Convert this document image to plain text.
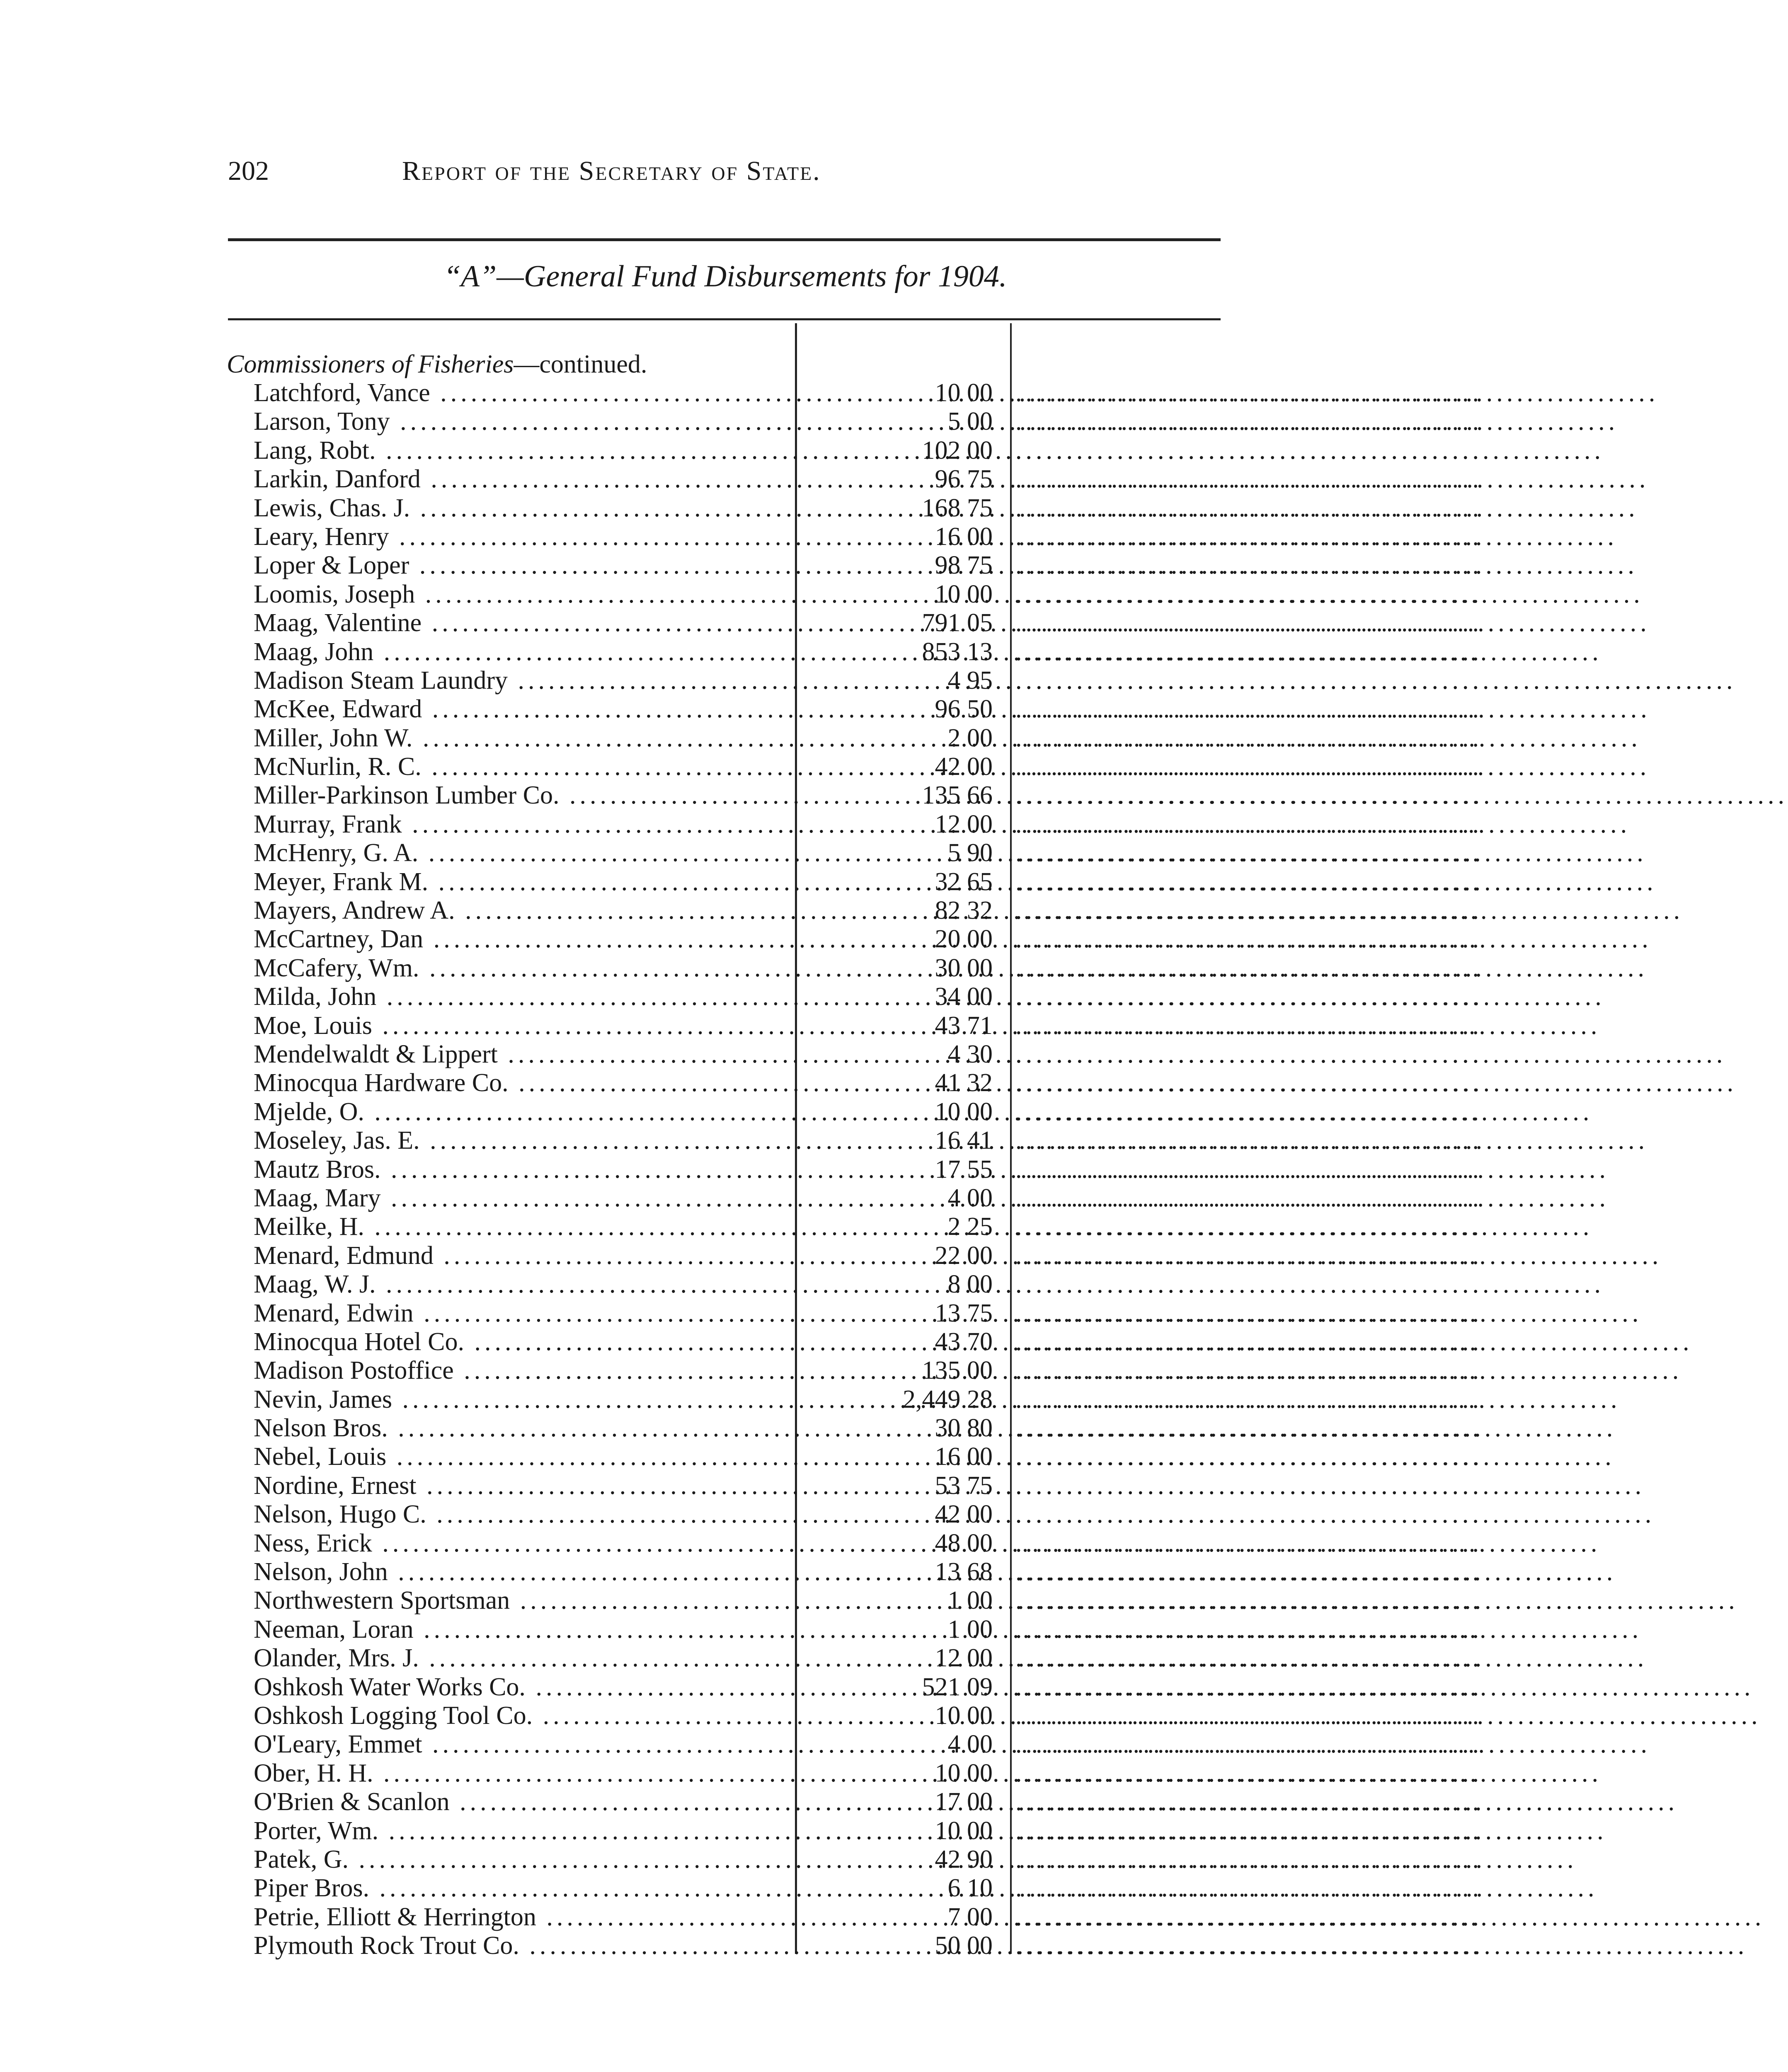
202	Report of the Secretary of State.
“A”—General Fund Disbursements for 1904.
Commissioners of Fisheries—continued.
Latchford, Vance .....	10 00 ..............................................
Larson, Tony .....	5 00 ..............................................
Lang, Robt. .....	102 00 ..............................................
Larkin, Danford .....	96 75 ..............................................
Lewis, Chas. J. .....	168 75 ..............................................
Leary, Henry .....	16 00 ..............................................
Loper & Loper .....	98 75 ..............................................
Loomis, Joseph .....	10 00 ..............................................
Maag, Valentine .....	791 05 ..............................................
Maag, John .....	853 13 ..............................................
Madison Steam Laundry .....	4 95 ..............................................
McKee, Edward .....	96 50 ..............................................
Miller, John W. .....	2 00 ..............................................
McNurlin, R. C. .....	42 00 ..............................................
Miller-Parkinson Lumber Co. .....	135 66 ..............................................
Murray, Frank .....	12 00 ..............................................
McHenry, G. A. .....	5 90 ..............................................
Meyer, Frank M. .....	32 65 ..............................................
Mayers, Andrew A. .....	82 32 ..............................................
McCartney, Dan .....	20 00 ..............................................
McCafery, Wm. .....	30 00 ..............................................
Milda, John .....	34 00 ..............................................
Moe, Louis .....	43 71 ..............................................
Mendelwaldt & Lippert .....	4 30 ..............................................
Minocqua Hardware Co. .....	41 32 ..............................................
Mjelde, O. .....	10 00 ..............................................
Moseley, Jas. E. .....	16 41 ..............................................
Mautz Bros. .....	17 55 ..............................................
Maag, Mary .....	4 00 ..............................................
Meilke, H. .....	2 25 ..............................................
Menard, Edmund .....	22 00 ..............................................
Maag, W. J. .....	8 00 ..............................................
Menard, Edwin .....	13 75 ..............................................
Minocqua Hotel Co. .....	43 70 ..............................................
Madison Postoffice .....	135 00 ..............................................
Nevin, James .....	2,449 28 ..............................................
Nelson Bros. .....	30 80 ..............................................
Nebel, Louis .....	16 00 ..............................................
Nordine, Ernest .....	53 75 ..............................................
Nelson, Hugo C. .....	42 00 ..............................................
Ness, Erick .....	48 00 ..............................................
Nelson, John .....	13 68 ..............................................
Northwestern Sportsman .....	1 00 ..............................................
Neeman, Loran .....	1 00 ..............................................
Olander, Mrs. J. .....	12 00 ..............................................
Oshkosh Water Works Co. .....	521 09 ..............................................
Oshkosh Logging Tool Co. .....	10 00 ..............................................
O'Leary, Emmet .....	4 00 ..............................................
Ober, H. H. .....	10 00 ..............................................
O'Brien & Scanlon .....	17 00 ..............................................
Porter, Wm. .....	10 00 ..............................................
Patek, G. .....	42 90 ..............................................
Piper Bros. .....	6 10 ..............................................
Petrie, Elliott & Herrington .....	7 00 ..............................................
Plymouth Rock Trout Co. .....	50 00 ..............................................
